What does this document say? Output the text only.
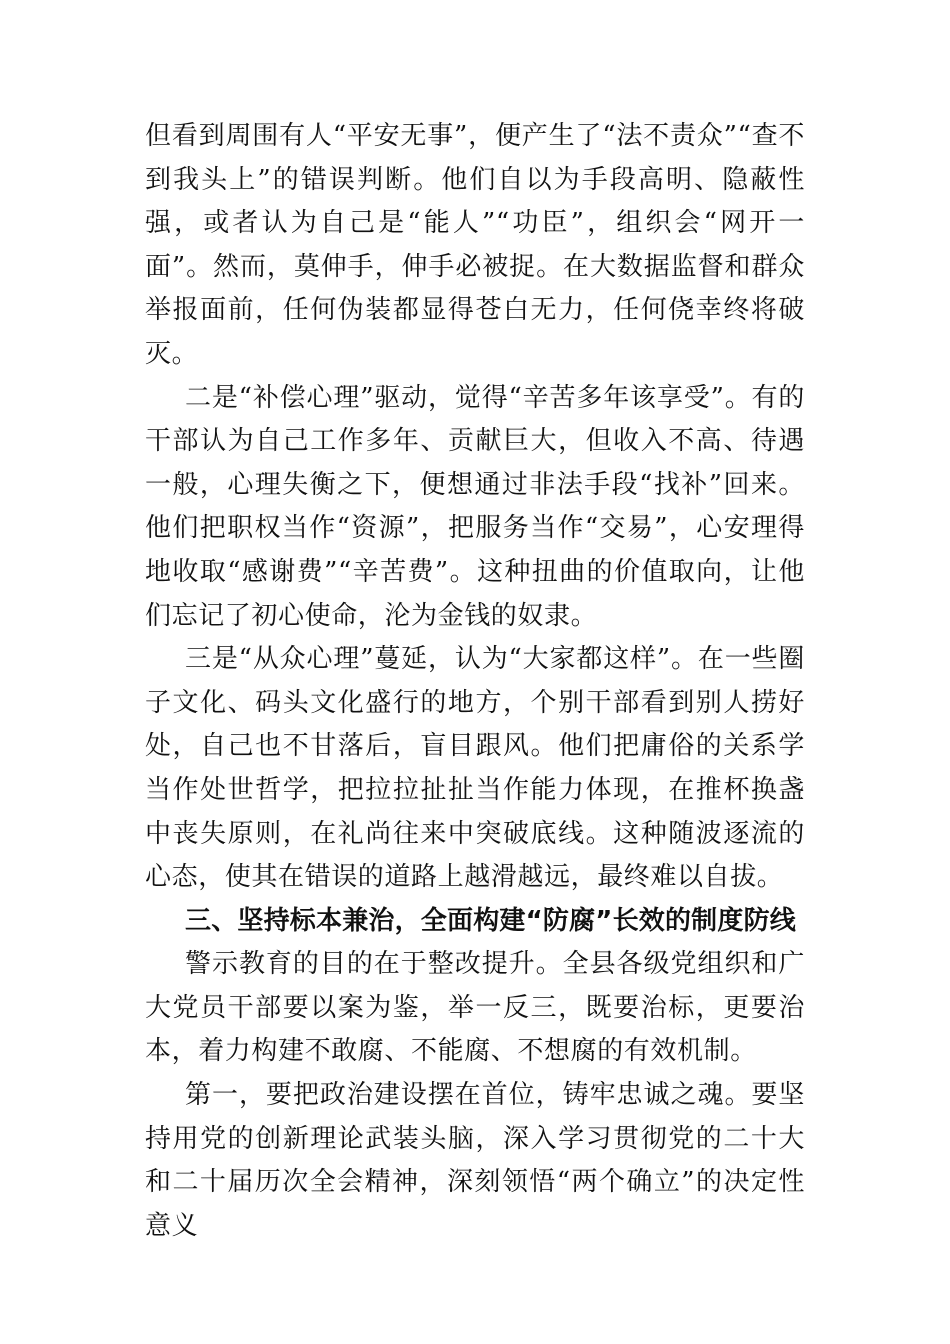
但看到周围有人“平安无事”，便产生了“法不责众”“查不到我头上”的错误判断。他们自以为手段高明、隐蔽性强，或者认为自己是“能人”“功臣”，组织会“网开一面”。然而，莫伸手，伸手必被捉。在大数据监督和群众举报面前，任何伪装都显得苍白无力，任何侥幸终将破灭。

二是“补偿心理”驱动，觉得“辛苦多年该享受”。有的干部认为自己工作多年、贡献巨大，但收入不高、待遇一般，心理失衡之下，便想通过非法手段“找补”回来。他们把职权当作“资源”，把服务当作“交易”，心安理得地收取“感谢费”“辛苦费”。这种扭曲的价值取向，让他们忘记了初心使命，沦为金钱的奴隶。

三是“从众心理”蔓延，认为“大家都这样”。在一些圈子文化、码头文化盛行的地方，个别干部看到别人捞好处，自己也不甘落后，盲目跟风。他们把庸俗的关系学当作处世哲学，把拉拉扯扯当作能力体现，在推杯换盏中丧失原则，在礼尚往来中突破底线。这种随波逐流的心态，使其在错误的道路上越滑越远，最终难以自拔。

三、坚持标本兼治，全面构建“防腐”长效的制度防线

警示教育的目的在于整改提升。全县各级党组织和广大党员干部要以案为鉴，举一反三，既要治标，更要治本，着力构建不敢腐、不能腐、不想腐的有效机制。

第一，要把政治建设摆在首位，铸牢忠诚之魂。要坚持用党的创新理论武装头脑，深入学习贯彻党的二十大和二十届历次全会精神，深刻领悟“两个确立”的决定性意义
